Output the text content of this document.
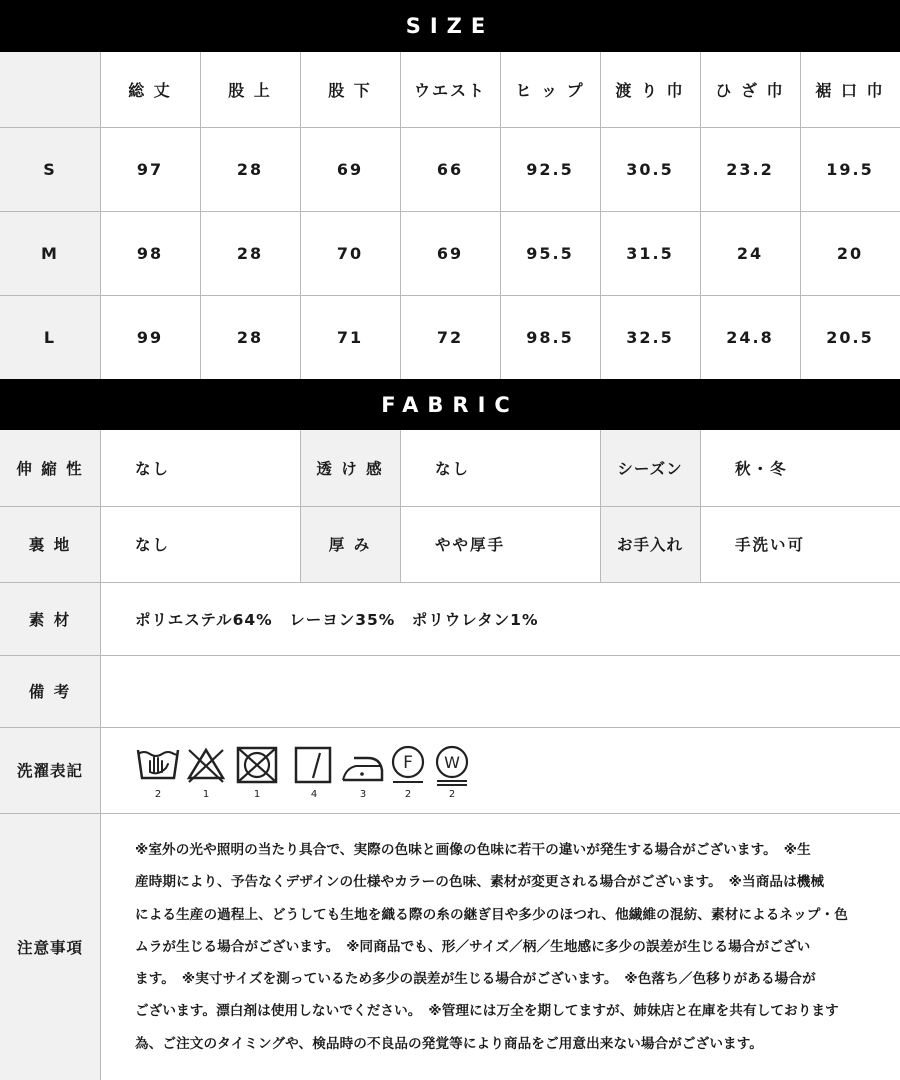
SIZE
総 丈	股 上	股 下	ウエスト	ヒ ッ プ	渡 り 巾	ひ ざ 巾	裾 口 巾
S	97	28	69	66	92.5	30.5	23.2	19.5
M	98	28	70	69	95.5	31.5	24	20
L	99	28	71	72	98.5	32.5	24.8	20.5
FABRIC
伸 縮 性	なし	透 け 感	なし	シーズン	秋・冬
裏 地	なし	厚 み	やや厚手	お手入れ	手洗い可
素 材	ポリエステル64%　レーヨン35%　ポリウレタン1%
備 考
洗濯表記
注意事項
2	1	1	4	3
F
2
W
2
※室外の光や照明の当たり具合で、実際の色味と画像の色味に若干の違いが発生する場合がございます。　※生
産時期により、予告なくデザインの仕様やカラーの色味、素材が変更される場合がございます。　※当商品は機械
による生産の過程上、どうしても生地を織る際の糸の継ぎ目や多少のほつれ、他繊維の混紡、素材によるネップ・色
ムラが生じる場合がございます。　※同商品でも、形／サイズ／柄／生地感に多少の誤差が生じる場合がござい
ます。　※実寸サイズを測っているため多少の誤差が生じる場合がございます。　※色落ち／色移りがある場合が
ございます。漂白剤は使用しないでください。　※管理には万全を期してますが、姉妹店と在庫を共有しております
為、ご注文のタイミングや、検品時の不良品の発覚等により商品をご用意出来ない場合がございます。
